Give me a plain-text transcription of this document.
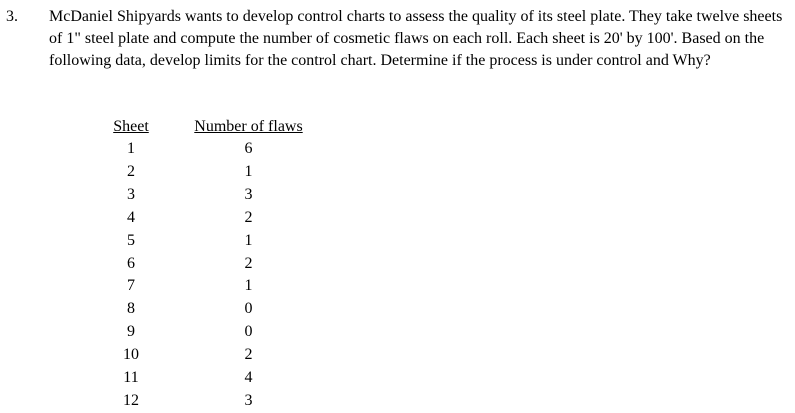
3. McDaniel Shipyards wants to develop control charts to assess the quality of its steel plate. They take twelve sheets of 1" steel plate and compute the number of cosmetic flaws on each roll. Each sheet is 20' by 100'. Based on the following data, develop limits for the control chart. Determine if the process is under control and Why?

Sheet	Number of flaws
1	6
2	1
3	3
4	2
5	1
6	2
7	1
8	0
9	0
10	2
11	4
12	3
